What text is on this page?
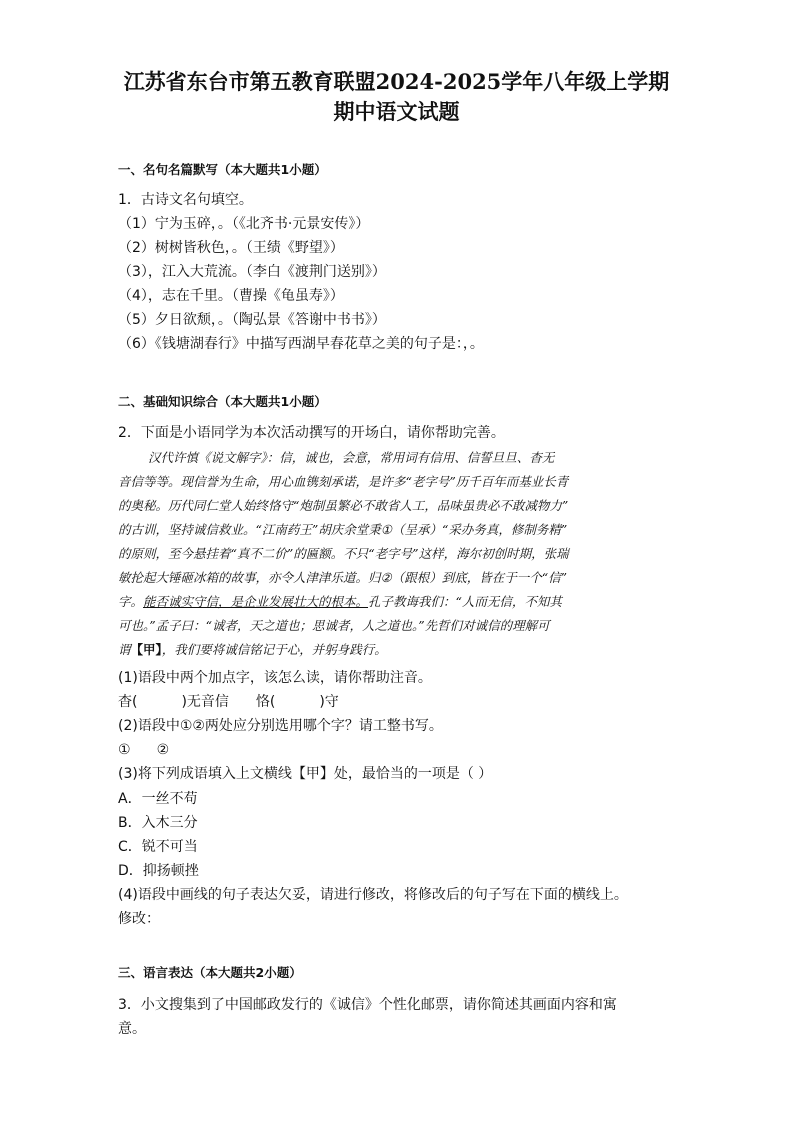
江苏省东台市第五教育联盟2024-2025学年八年级上学期
期中语文试题
一、名句名篇默写（本大题共1小题）
1．古诗文名句填空。
（1）宁为玉碎，。（《北齐书·元景安传》）
（2）树树皆秋色，。（王绩《野望》）
（3），江入大荒流。（李白《渡荆门送别》）
（4），志在千里。（曹操《龟虽寿》）
（5）夕日欲颓，。（陶弘景《答谢中书书》）
（6）《钱塘湖春行》中描写西湖早春花草之美的句子是：，。
二、基础知识综合（本大题共1小题）
2．下面是小语同学为本次活动撰写的开场白，请你帮助完善。
汉代许慎《说文解字》：信，诚也，会意，常用词有信用、信誓旦旦、杳无
音信等等。现信誉为生命，用心血镌刻承诺，是许多“老字号”历千百年而基业长青
的奥秘。历代同仁堂人始终恪守“炮制虽繁必不敢省人工，品味虽贵必不敢减物力”
的古训，坚持诚信救业。“江南药王”胡庆余堂秉①（呈承）“采办务真，修制务精”
的原则，至今悬挂着“真不二价”的匾额。不只“老字号”这样，海尔初创时期，张瑞
敏抡起大锤砸冰箱的故事，亦令人津津乐道。归②（跟根）到底，皆在于一个“信”
字。能否诚实守信，是企业发展壮大的根本。孔子教诲我们：“人而无信，不知其
可也。”孟子曰：“诚者，天之道也；思诚者，人之道也。”先哲们对诚信的理解可
谓【甲】，我们要将诚信铭记于心，并躬身践行。
(1)语段中两个加点字，该怎么读，请你帮助注音。
杳(	)无音信 恪(	)守
(2)语段中①②两处应分别选用哪个字？请工整书写。
① ②
(3)将下列成语填入上文横线【甲】处，最恰当的一项是（ ）
A．一丝不苟
B．入木三分
C．锐不可当
D．抑扬顿挫
(4)语段中画线的句子表达欠妥，请进行修改，将修改后的句子写在下面的横线上。
修改：
三、语言表达（本大题共2小题）
3．小文搜集到了中国邮政发行的《诚信》个性化邮票，请你简述其画面内容和寓
意。
